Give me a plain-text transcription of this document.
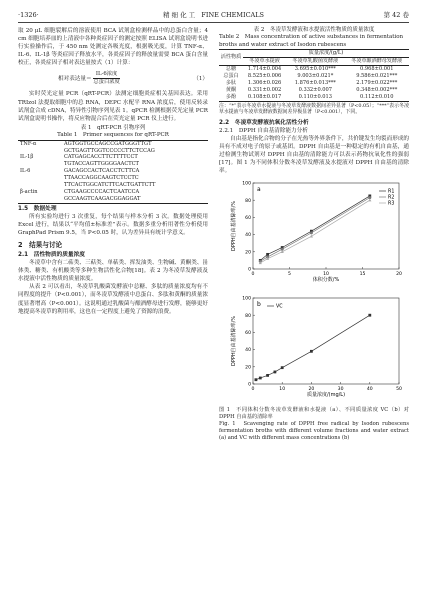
·1326·	精 细 化 工 FINE CHEMICALS	第 42 卷

取 20 μL 细胞裂解后的溶液使用 BCA 试剂盒检测样品中的总蛋白含量；4 cm 细胞培养皿的上清液中各种炎症因子的测定按照 ELISA 试剂盒说明书进行实验操作后，于 450 nm 处测定各吸光度，根据吸光度，计算 TNF-α、IL-6、IL-1β 等炎症因子释放水平，各炎症因子的释放量需要 BCA 蛋白含量校正，各炎症因子相对表达量按式（1）计算：

相对表达量＝ $\frac{\text{IL-6浓度}}{\text{总蛋白浓度}}$	（1）

实时荧光定量 PCR（qRT-PCR）法测定细胞炎症相关基因表达。采用 TRIzol 法提取细胞中的总 RNA，DEPC 水配平 RNA 浓度后，使用反转录试剂盒合成 cDNA，特异性引物序列见表 1。qPCR 检测根据荧光定量 PCR 试剂盒说明书操作，将反应物混合后在荧光定量 PCR 仪上进行。

表 1　qRT-PCR 引物序列
Table 1　Primer sequences for qRT-PCR
TNF-α	AGTGGTGCCAGCCGATGGGTTGT
	GCTGAGTTGGTCCCCCTTCTCCAG
IL-1β	CATGAGCACCTTCTTTTCCT
	TGTACCAGTTGGGGAACTCT
IL-6	GACAGCCACTCACCTCTTCA
	TTAACCAGGCAAGTCTCCTC
	TTCACTGGCATCTTCACTGATTCTT
β-actin	CTGAAGCCCCACTCAATCCA
	GCCAAGTCAAGACGGAGGAT
1.5　数据处理

所有实验均进行 3 次重复，每个结果与样本分析 3 次。数据处理使用 Excel 进行，结果以“平均值±标准差”表示。数据多重分析用著性分析使用 GraphPad Prism 9.5，当 P<0.05 时，认为差异具有统计学意义。

2　结果与讨论
2.1　活性物质的质量浓度

冬凌草中含有二萜类、三萜类、单萜类、挥发油类、生物碱、黄酮类、甾体类、糖类、有机酸类等多种生物活性化合物[18]。表 2 为冬凌草发酵液及水提液中活性物质的质量浓度。

从表 2 可以看出，冬凌草乳酸菌发酵液中总糖、多肽的质量浓度均有不同程度的提升（P<0.001），而冬凌草发酵液中总蛋白、多肽和黄酮的质量浓度显著增高（P<0.001）。这说明通过乳酸菌与酿酒酵母进行发酵，能够更好地提高冬凌草的利用率，这也在一定程度上避免了资源的浪费。

表 2　冬凌草发酵液和水提液活性物质的质量浓度
Table 2　Mass concentration of active substances in fermentation broths and water extract of Isodon rubescens
活性物质	质量浓度/(g/L)		
	冬凌草水提液	冬凌草乳酸菌发酵液	冬凌草酿酒酵母发酵液
总糖	1.714±0.004	3.695±0.010***	0.968±0.001
总蛋白	8.525±0.006	9.003±0.021*	9.586±0.021***
多肽	1.306±0.026	1.876±0.013***	2.179±0.022***
黄酮	0.331±0.002	0.332±0.007	0.348±0.002***
多酚	0.108±0.017	0.110±0.013	0.112±0.010

注：“*”表示冬凌草水提液与冬凌草发酵液数据间差异显著（P<0.05）；“***”表示冬凌草水提液与冬凌草发酵液数据间差异极显著（P<0.001），下同。

2.2　冬凌草发酵液抗氧化活性分析
2.2.1　DPPH 自由基清除能力分析

自由基是指化合物的分子在光热等外界条件下，共价键发生均裂而形成的具有不成对电子的原子或基团。DPPH 自由基是一种稳定的有机自由基，通过检测生物试剂对 DPPH 自由基的清除能力可以表示药物抗氧化性的强弱[17]。图 1 为不同体积分数冬凌草发酵液及水提液对 DPPH 自由基的清除率。

a
0	5	10	15	20
0
20
40
60
80
100
体积分数/%
DPPH自由基清除率/%
R1
R2
R3

b
0	10	20	30	40	50
0
20
40
60
80
100
质量浓度/(mg/L)
DPPH自由基清除率/%
VC

图 1　不同体积分数冬凌草发酵液和水提液（a）、不同质量浓度 VC（b）对 DPPH 自由基的清除率

Fig. 1　Scavenging rate of DPPH free radical by Isodon rubescens fermentation broths with different volume fractions and water extract (a) and VC with different mass concentrations (b)
